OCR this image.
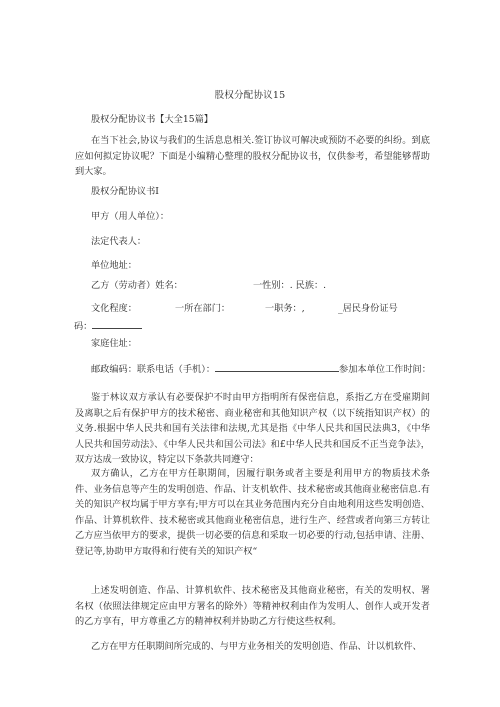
股权分配协议15
股权分配协议书【大全15篇】
在当下社会,协议与我们的生活息息相关.签订协议可解决或预防不必要的纠纷。到底应如何拟定协议呢？下面是小编精心整理的股权分配协议书，仅供参考，希望能够帮助到大家。
股权分配协议书I
甲方（用人单位）：
法定代表人：
单位地址：
乙方（劳动者）姓名：	一性别：. 民族：.
文化程度：	一所在部门：	一职务：,	_居民身份证号
码：
家庭住址：
邮政编码：联系电话（手机）：	参加本单位工作时间：
鉴于林议双方承认有必要保护不时由甲方指明所有保密信息，系指乙方在受雇期间及离职之后有保护甲方的技术秘密、商业秘密和其他知识产权（以下统指知识产权）的义务.根据中华人民共和国有关法律和法规,尤其是指《中华人民共和国民法典3，《中华人民共和国劳动法》、《中华人民共和国公司法》和£中华人民共和国反不正当竞争法》，双方达成一致协议，特定以下条款共同遵守：
双方确认，乙方在甲方任职期间，因履行职务或者主要是利用甲方的物质技术条件、业务信息等产生的发明创造、作品、计支机软件、技术秘密或其他商业秘密信息.有关的知识产权均属于甲方享有;甲方可以在其业务范围内充分自由地利用这些发明创造、作品、计算机软件、技术秘密或其他商业秘密信息，进行生产、经营或者向第三方转让乙方应当依甲方的要求，提供一切必要的信息和采取一切必要的行动,包括申请、注册、登记等,协助甲方取得和行使有关的知识产权“
上述发明创造、作品、计算机软件、技术秘密及其他商业秘密，有关的发明权、署名权（依照法律规定应由甲方署名的除外）等精神权利由作为发明人、创作人或开发者的乙方享有，甲方尊重乙方的精神权利并协助乙方行使这些权利。
乙方在甲方任职期间所完成的、与甲方业务相关的发明创造、作品、计以机软件、
